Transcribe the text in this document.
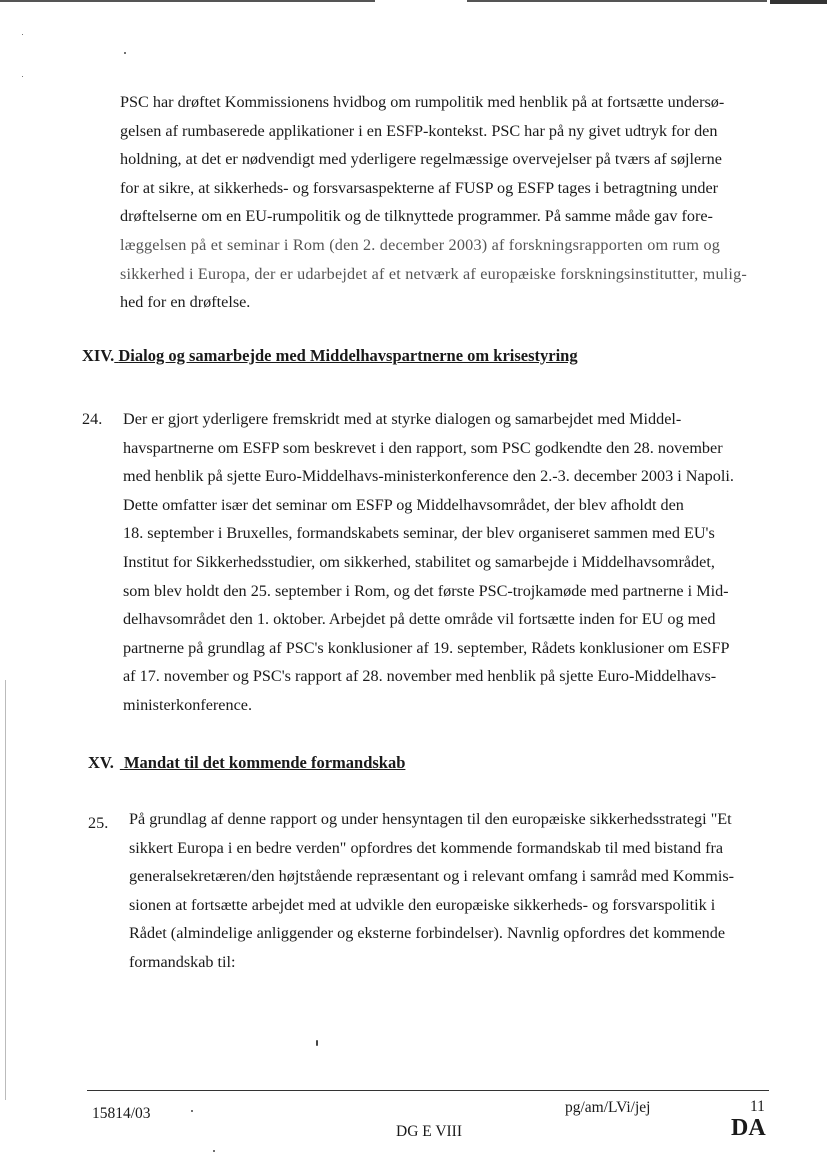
PSC har drøftet Kommissionens hvidbog om rumpolitik med henblik på at fortsætte undersø-
gelsen af rumbaserede applikationer i en ESFP-kontekst. PSC har på ny givet udtryk for den
holdning, at det er nødvendigt med yderligere regelmæssige overvejelser på tværs af søjlerne
for at sikre, at sikkerheds- og forsvarsaspekterne af FUSP og ESFP tages i betragtning under
drøftelserne om en EU-rumpolitik og de tilknyttede programmer. På samme måde gav fore-
læggelsen på et seminar i Rom (den 2. december 2003) af forskningsrapporten om rum og
sikkerhed i Europa, der er udarbejdet af et netværk af europæiske forskningsinstitutter, mulig-
hed for en drøftelse.
XIV. Dialog og samarbejde med Middelhavspartnerne om krisestyring
24. Der er gjort yderligere fremskridt med at styrke dialogen og samarbejdet med Middel-
havspartnerne om ESFP som beskrevet i den rapport, som PSC godkendte den 28. november
med henblik på sjette Euro-Middelhavs-ministerkonference den 2.-3. december 2003 i Napoli.
Dette omfatter især det seminar om ESFP og Middelhavsområdet, der blev afholdt den
18. september i Bruxelles, formandskabets seminar, der blev organiseret sammen med EU's
Institut for Sikkerhedsstudier, om sikkerhed, stabilitet og samarbejde i Middelhavsområdet,
som blev holdt den 25. september i Rom, og det første PSC-trojkamøde med partnerne i Mid-
delhavsområdet den 1. oktober. Arbejdet på dette område vil fortsætte inden for EU og med
partnerne på grundlag af PSC's konklusioner af 19. september, Rådets konklusioner om ESFP
af 17. november og PSC's rapport af 28. november med henblik på sjette Euro-Middelhavs-
ministerkonference.
XV. Mandat til det kommende formandskab
25. På grundlag af denne rapport og under hensyntagen til den europæiske sikkerhedsstrategi "Et
sikkert Europa i en bedre verden" opfordres det kommende formandskab til med bistand fra
generalsekretæren/den højtstående repræsentant og i relevant omfang i samråd med Kommis-
sionen at fortsætte arbejdet med at udvikle den europæiske sikkerheds- og forsvarspolitik i
Rådet (almindelige anliggender og eksterne forbindelser). Navnlig opfordres det kommende
formandskab til:
15814/03	pg/am/LVi/jej	11
DG E VIII	DA
